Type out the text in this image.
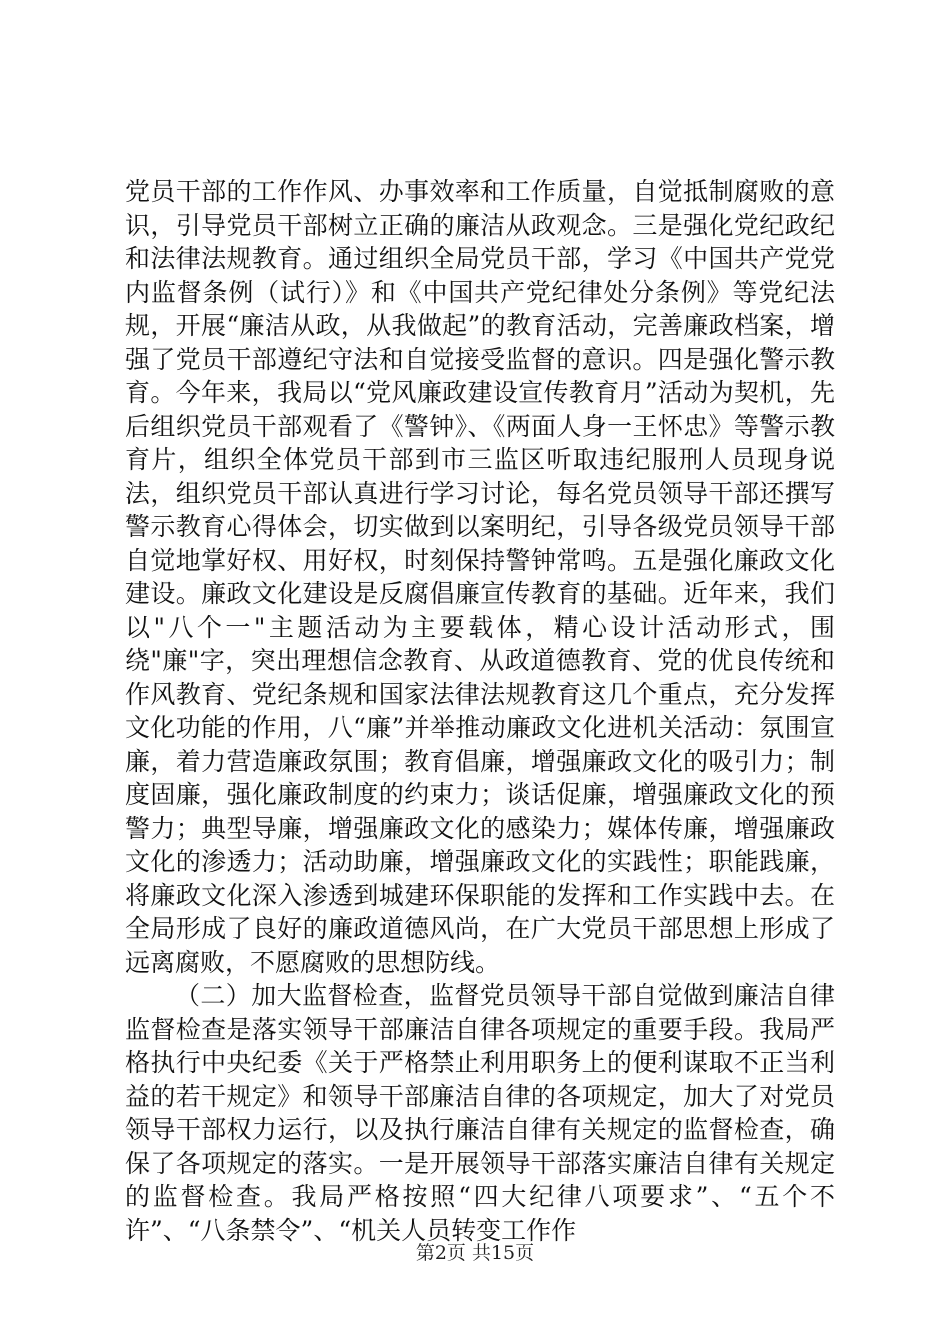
党员干部的工作作风、办事效率和工作质量，自觉抵制腐败的意识，引导党员干部树立正确的廉洁从政观念。三是强化党纪政纪和法律法规教育。通过组织全局党员干部，学习《中国共产党党内监督条例（试行）》和《中国共产党纪律处分条例》等党纪法规，开展“廉洁从政，从我做起”的教育活动，完善廉政档案，增强了党员干部遵纪守法和自觉接受监督的意识。四是强化警示教育。今年来，我局以“党风廉政建设宣传教育月”活动为契机，先后组织党员干部观看了《警钟》、《两面人身一王怀忠》等警示教育片，组织全体党员干部到市三监区听取违纪服刑人员现身说法，组织党员干部认真进行学习讨论，每名党员领导干部还撰写警示教育心得体会，切实做到以案明纪，引导各级党员领导干部自觉地掌好权、用好权，时刻保持警钟常鸣。五是强化廉政文化建设。廉政文化建设是反腐倡廉宣传教育的基础。近年来，我们以"八个一"主题活动为主要载体，精心设计活动形式，围绕"廉"字，突出理想信念教育、从政道德教育、党的优良传统和作风教育、党纪条规和国家法律法规教育这几个重点，充分发挥文化功能的作用，八“廉”并举推动廉政文化进机关活动：氛围宣廉，着力营造廉政氛围；教育倡廉，增强廉政文化的吸引力；制度固廉，强化廉政制度的约束力；谈话促廉，增强廉政文化的预警力；典型导廉，增强廉政文化的感染力；媒体传廉，增强廉政文化的渗透力；活动助廉，增强廉政文化的实践性；职能践廉，将廉政文化深入渗透到城建环保职能的发挥和工作实践中去。在全局形成了良好的廉政道德风尚，在广大党员干部思想上形成了远离腐败，不愿腐败的思想防线。

（二）加大监督检查，监督党员领导干部自觉做到廉洁自律监督检查是落实领导干部廉洁自律各项规定的重要手段。我局严格执行中央纪委《关于严格禁止利用职务上的便利谋取不正当利益的若干规定》和领导干部廉洁自律的各项规定，加大了对党员领导干部权力运行，以及执行廉洁自律有关规定的监督检查，确保了各项规定的落实。一是开展领导干部落实廉洁自律有关规定的监督检查。我局严格按照“四大纪律八项要求”、“五个不许”、“八条禁令”、“机关人员转变工作作

第2页 共15页
